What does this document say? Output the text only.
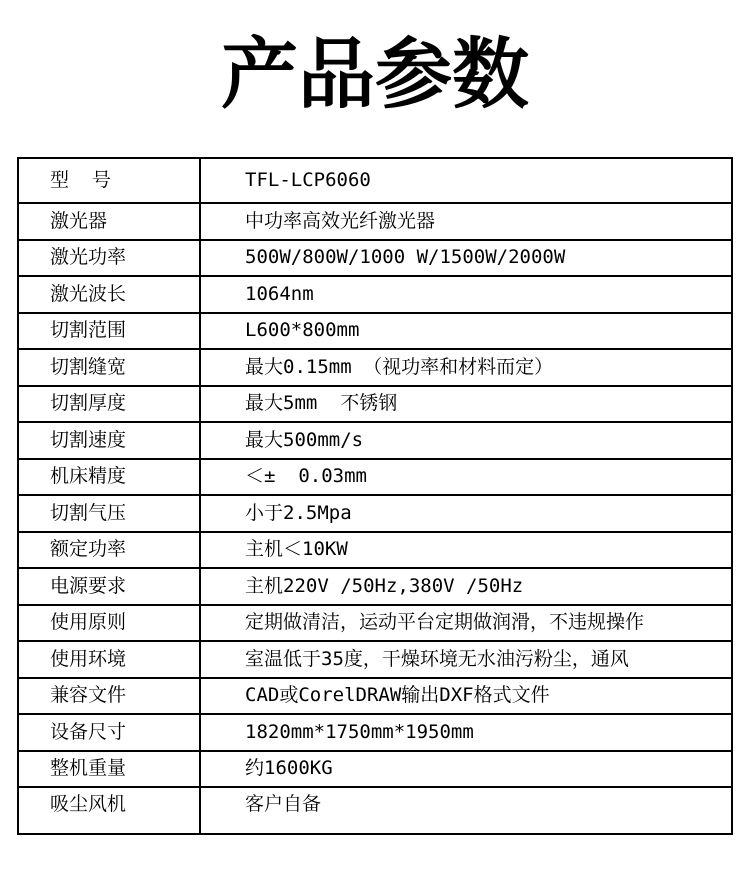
产品参数
型  号	TFL-LCP6060
激光器	中功率高效光纤激光器
激光功率	500W/800W/1000 W/1500W/2000W
激光波长	1064nm
切割范围	L600*800mm
切割缝宽	最大0.15mm （视功率和材料而定）
切割厚度	最大5mm  不锈钢
切割速度	最大500mm/s
机床精度	＜±  0.03mm
切割气压	小于2.5Mpa
额定功率	主机＜10KW
电源要求	主机220V /50Hz,380V /50Hz
使用原则	定期做清洁，运动平台定期做润滑，不违规操作
使用环境	室温低于35度，干燥环境无水油污粉尘，通风
兼容文件	CAD或CorelDRAW输出DXF格式文件
设备尺寸	1820mm*1750mm*1950mm
整机重量	约1600KG
吸尘风机	客户自备
